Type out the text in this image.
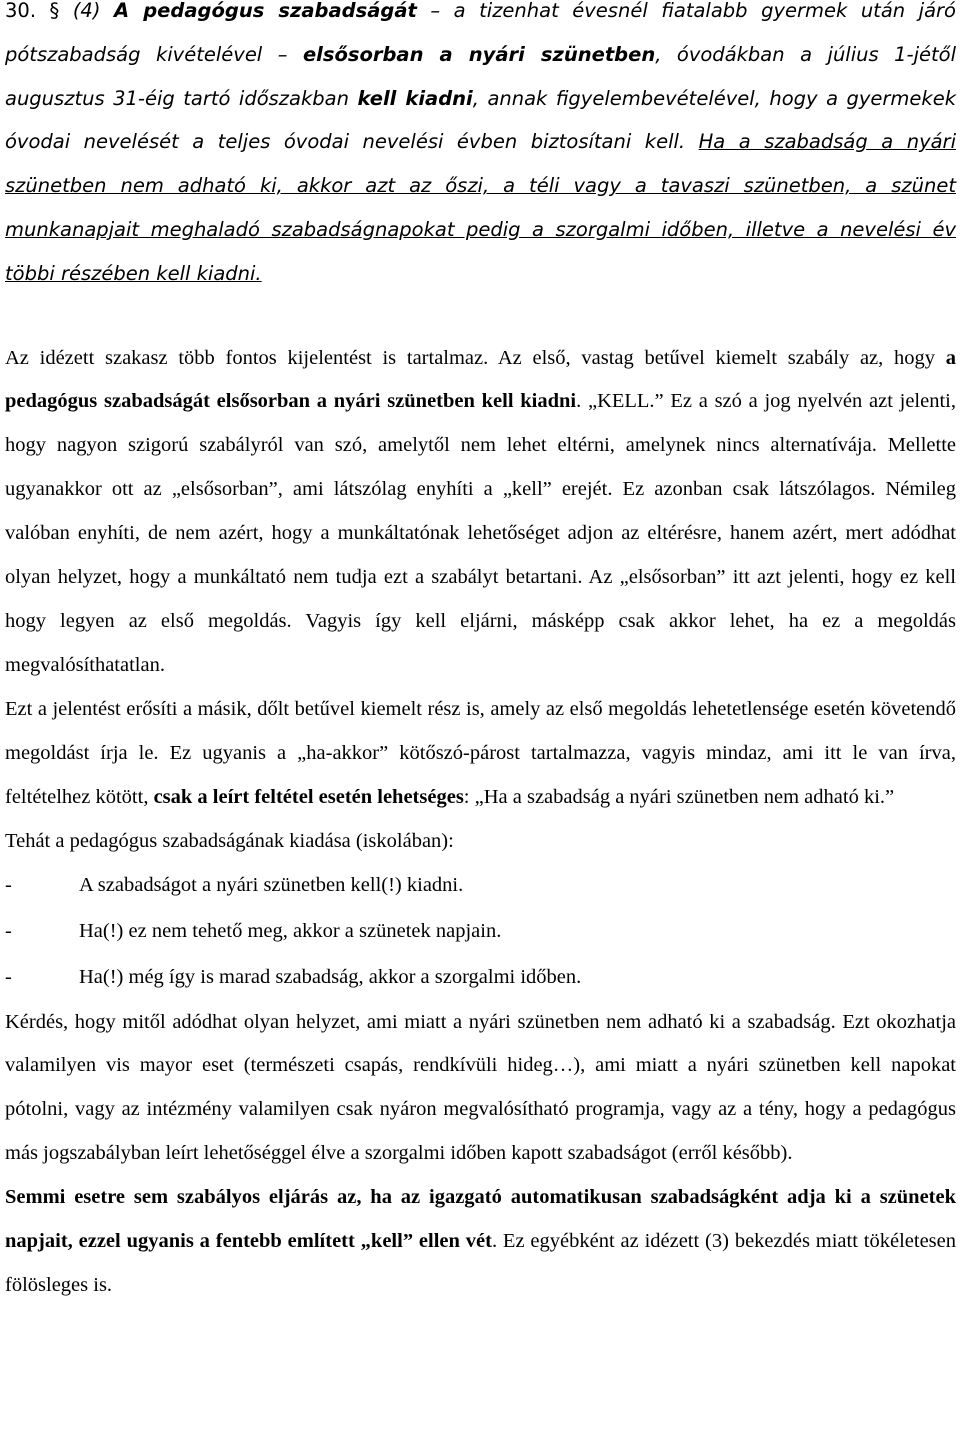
30. § (4) A pedagógus szabadságát – a tizenhat évesnél fiatalabb gyermek után járó pótszabadság kivételével – elsősorban a nyári szünetben, óvodákban a július 1-jétől augusztus 31-éig tartó időszakban kell kiadni, annak figyelembevételével, hogy a gyermekek óvodai nevelését a teljes óvodai nevelési évben biztosítani kell. Ha a szabadság a nyári szünetben nem adható ki, akkor azt az őszi, a téli vagy a tavaszi szünetben, a szünet munkanapjait meghaladó szabadságnapokat pedig a szorgalmi időben, illetve a nevelési év többi részében kell kiadni.

Az idézett szakasz több fontos kijelentést is tartalmaz. Az első, vastag betűvel kiemelt szabály az, hogy a pedagógus szabadságát elsősorban a nyári szünetben kell kiadni. „KELL.” Ez a szó a jog nyelvén azt jelenti, hogy nagyon szigorú szabályról van szó, amelytől nem lehet eltérni, amelynek nincs alternatívája. Mellette ugyanakkor ott az „elsősorban”, ami látszólag enyhíti a „kell” erejét. Ez azonban csak látszólagos. Némileg valóban enyhíti, de nem azért, hogy a munkáltatónak lehetőséget adjon az eltérésre, hanem azért, mert adódhat olyan helyzet, hogy a munkáltató nem tudja ezt a szabályt betartani. Az „elsősorban” itt azt jelenti, hogy ez kell hogy legyen az első megoldás. Vagyis így kell eljárni, másképp csak akkor lehet, ha ez a megoldás megvalósíthatatlan.

Ezt a jelentést erősíti a másik, dőlt betűvel kiemelt rész is, amely az első megoldás lehetetlensége esetén követendő megoldást írja le. Ez ugyanis a „ha-akkor” kötőszó-párost tartalmazza, vagyis mindaz, ami itt le van írva, feltételhez kötött, csak a leírt feltétel esetén lehetséges: „Ha a szabadság a nyári szünetben nem adható ki.”

Tehát a pedagógus szabadságának kiadása (iskolában):

-	A szabadságot a nyári szünetben kell(!) kiadni.
-	Ha(!) ez nem tehető meg, akkor a szünetek napjain.
-	Ha(!) még így is marad szabadság, akkor a szorgalmi időben.

Kérdés, hogy mitől adódhat olyan helyzet, ami miatt a nyári szünetben nem adható ki a szabadság. Ezt okozhatja valamilyen vis mayor eset (természeti csapás, rendkívüli hideg…), ami miatt a nyári szünetben kell napokat pótolni, vagy az intézmény valamilyen csak nyáron megvalósítható programja, vagy az a tény, hogy a pedagógus más jogszabályban leírt lehetőséggel élve a szorgalmi időben kapott szabadságot (erről később).

Semmi esetre sem szabályos eljárás az, ha az igazgató automatikusan szabadságként adja ki a szünetek napjait, ezzel ugyanis a fentebb említett „kell” ellen vét. Ez egyébként az idézett (3) bekezdés miatt tökéletesen fölösleges is.
